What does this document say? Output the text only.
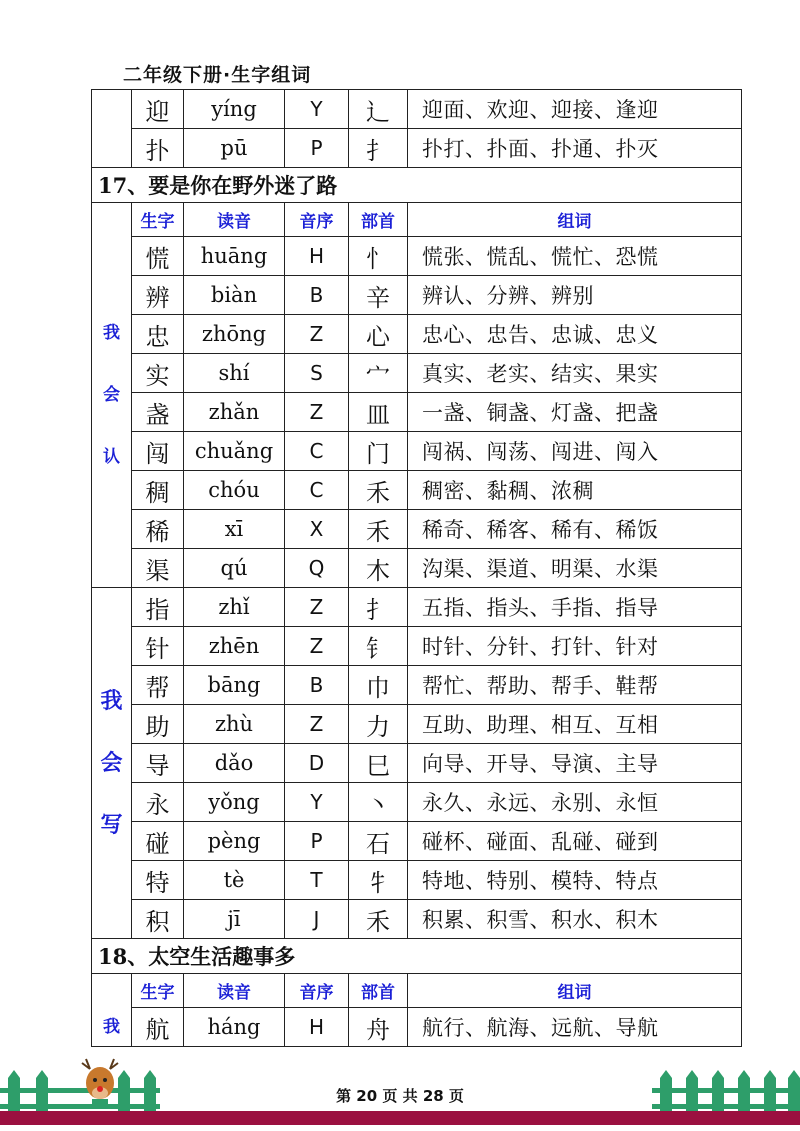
二年级下册·生字组词
	迎	yíng	Y	辶	迎面、欢迎、迎接、逢迎
	扑	pū	P	扌	扑打、扑面、扑通、扑灭
17、要是你在野外迷了路					

我
会
认	生字	读音	音序	部首	组词
	慌	huāng	H	忄	慌张、慌乱、慌忙、恐慌
	辨	biàn	B	辛	辨认、分辨、辨别
	忠	zhōng	Z	心	忠心、忠告、忠诚、忠义
	实	shí	S	宀	真实、老实、结实、果实
	盏	zhǎn	Z	皿	一盏、铜盏、灯盏、把盏
	闯	chuǎng	C	门	闯祸、闯荡、闯进、闯入
	稠	chóu	C	禾	稠密、黏稠、浓稠
	稀	xī	X	禾	稀奇、稀客、稀有、稀饭
	渠	qú	Q	木	沟渠、渠道、明渠、水渠

我
会
写	指	zhǐ	Z	扌	五指、指头、手指、指导
	针	zhēn	Z	钅	时针、分针、打针、针对
	帮	bāng	B	巾	帮忙、帮助、帮手、鞋帮
	助	zhù	Z	力	互助、助理、相互、互相
	导	dǎo	D	巳	向导、开导、导演、主导
	永	yǒng	Y	丶	永久、永远、永别、永恒
	碰	pèng	P	石	碰杯、碰面、乱碰、碰到
	特	tè	T	牜	特地、特别、模特、特点
	积	jī	J	禾	积累、积雪、积水、积木
18、太空生活趣事多					

我	生字	读音	音序	部首	组词
	航	háng	H	舟	航行、航海、远航、导航
第 20 页 共 28 页
